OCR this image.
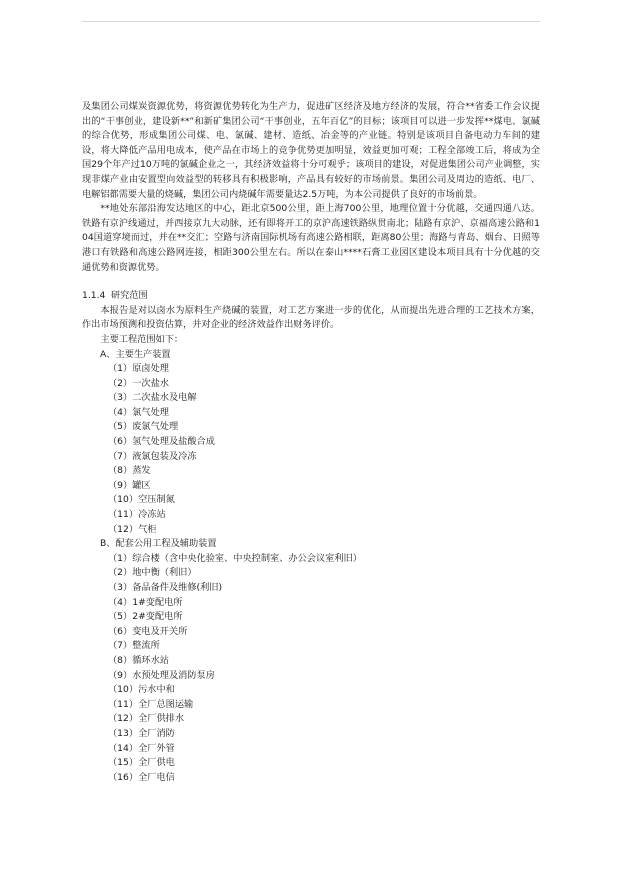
及集团公司煤炭资源优势，将资源优势转化为生产力，促进矿区经济及地方经济的发展，符合**省委工作会议提出的“干事创业，建设新**”和新矿集团公司“干事创业，五年百亿”的目标；该项目可以进一步发挥**煤电、氯碱的综合优势，形成集团公司煤、电、氯碱、建材、造纸、冶金等的产业链。特别是该项目自备电动力车间的建设，将大降低产品用电成本，使产品在市场上的竞争优势更加明显，效益更加可观；工程全部竣工后，将成为全国29个年产过10万吨的氯碱企业之一，其经济效益将十分可观乎；该项目的建设，对促进集团公司产业调整，实现非煤产业由安置型向效益型的转移具有积极影响，产品具有较好的市场前景。集团公司及周边的造纸、电厂、电解铝都需要大量的烧碱，集团公司内烧碱年需要量达2.5万吨，为本公司提供了良好的市场前景。

**地处东部沿海发达地区的中心，距北京500公里，距上海700公里，地理位置十分优越，交通四通八达。 铁路有京沪线通过，并西接京九大动脉，还有即将开工的京沪高速铁路纵贯南北；陆路有京沪、京福高速公路和104国道穿境而过，并在**交汇；空路与济南国际机场有高速公路相联，距离80公里；海路与青岛、烟台、日照等港口有铁路和高速公路网连接，相距300公里左右。所以在泰山****石膏工业园区建设本项目具有十分优越的交通优势和资源优势。

1.1.4 研究范围

本报告是对以卤水为原料生产烧碱的装置，对工艺方案进一步的优化，从而提出先进合理的工艺技术方案，作出市场预测和投资估算，并对企业的经济效益作出财务评价。

主要工程范围如下：

A、主要生产装置

（1）原卤处理

（2）一次盐水

（3）二次盐水及电解

（4）氯气处理

（5）废氯气处理

（6）氢气处理及盐酸合成

（7）液氯包装及冷冻

（8）蒸发

（9）罐区

（10）空压制氮

（11）冷冻站

（12）气柜

B、配套公用工程及辅助装置

（1）综合楼（含中央化验室、中央控制室、办公会议室利旧）

（2）地中衡（利旧）

（3）备品备件及维修(利旧)

（4）1#变配电所

（5）2#变配电所

（6）变电及开关所

（7）整流所

（8）循环水站

（9）水预处理及消防泵房

（10）污水中和

（11）全厂总图运输

（12）全厂供排水

（13）全厂消防

（14）全厂外管

（15）全厂供电

（16）全厂电信
